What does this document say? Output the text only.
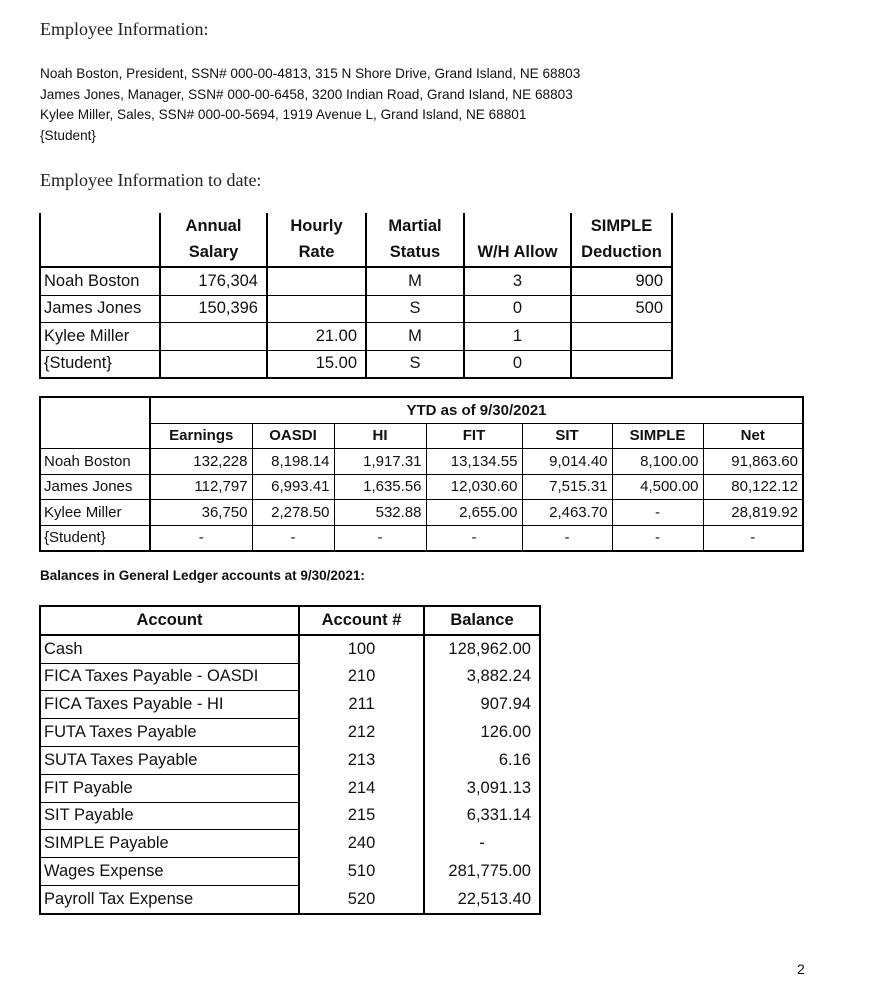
Employee Information:
Noah Boston, President, SSN# 000-00-4813, 315 N Shore Drive, Grand Island, NE 68803
James Jones, Manager, SSN# 000-00-6458, 3200 Indian Road, Grand Island, NE 68803
Kylee Miller, Sales, SSN# 000-00-5694, 1919 Avenue L, Grand Island, NE 68801
{Student}
Employee Information to date:
	Annual	Hourly	Martial		SIMPLE
	Salary	Rate	Status	W/H Allow	Deduction
Noah Boston	176,304		M	3	900
James Jones	150,396		S	0	500
Kylee Miller		21.00	M	1	
{Student}		15.00	S	0	
	YTD as of 9/30/2021						
	Earnings	OASDI	HI	FIT	SIT	SIMPLE	Net
Noah Boston	132,228	8,198.14	1,917.31	13,134.55	9,014.40	8,100.00	91,863.60
James Jones	112,797	6,993.41	1,635.56	12,030.60	7,515.31	4,500.00	80,122.12
Kylee Miller	36,750	2,278.50	532.88	2,655.00	2,463.70	-	28,819.92
{Student}	-	-	-	-	-	-	-
Balances in General Ledger accounts at 9/30/2021:
Account	Account #	Balance
Cash	100	128,962.00
FICA Taxes Payable - OASDI	210	3,882.24
FICA Taxes Payable - HI	211	907.94
FUTA Taxes Payable	212	126.00
SUTA Taxes Payable	213	6.16
FIT Payable	214	3,091.13
SIT Payable	215	6,331.14
SIMPLE Payable	240	-
Wages Expense	510	281,775.00
Payroll Tax Expense	520	22,513.40
2
